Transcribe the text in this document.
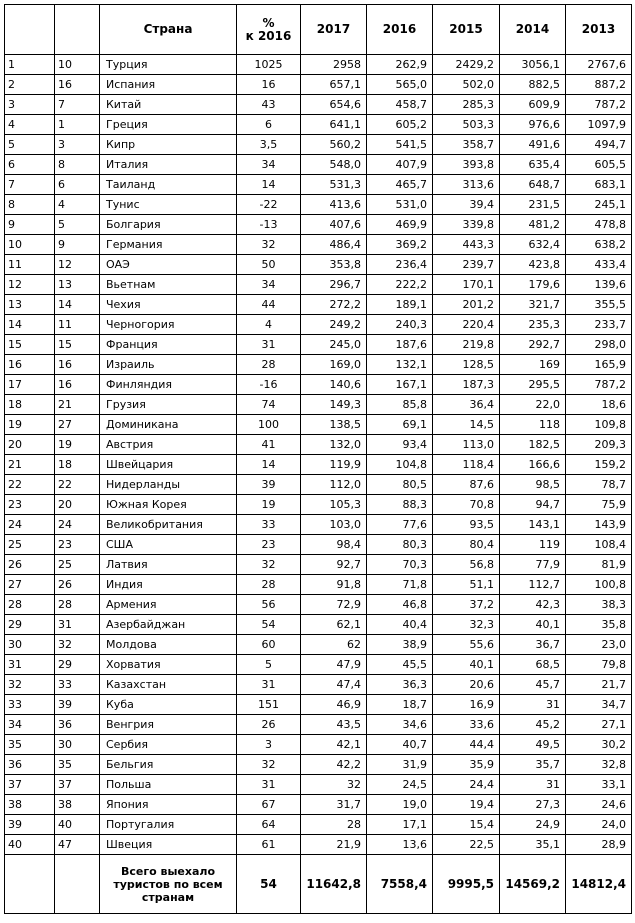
		Страна	%
к 2016	2017	2016	2015	2014	2013
1	10	Турция	1025	2958	262,9	2429,2	3056,1	2767,6
2	16	Испания	16	657,1	565,0	502,0	882,5	887,2
3	7	Китай	43	654,6	458,7	285,3	609,9	787,2
4	1	Греция	6	641,1	605,2	503,3	976,6	1097,9
5	3	Кипр	3,5	560,2	541,5	358,7	491,6	494,7
6	8	Италия	34	548,0	407,9	393,8	635,4	605,5
7	6	Таиланд	14	531,3	465,7	313,6	648,7	683,1
8	4	Тунис	-22	413,6	531,0	39,4	231,5	245,1
9	5	Болгария	-13	407,6	469,9	339,8	481,2	478,8
10	9	Германия	32	486,4	369,2	443,3	632,4	638,2
11	12	ОАЭ	50	353,8	236,4	239,7	423,8	433,4
12	13	Вьетнам	34	296,7	222,2	170,1	179,6	139,6
13	14	Чехия	44	272,2	189,1	201,2	321,7	355,5
14	11	Черногория	4	249,2	240,3	220,4	235,3	233,7
15	15	Франция	31	245,0	187,6	219,8	292,7	298,0
16	16	Израиль	28	169,0	132,1	128,5	169	165,9
17	16	Финляндия	-16	140,6	167,1	187,3	295,5	787,2
18	21	Грузия	74	149,3	85,8	36,4	22,0	18,6
19	27	Доминикана	100	138,5	69,1	14,5	118	109,8
20	19	Австрия	41	132,0	93,4	113,0	182,5	209,3
21	18	Швейцария	14	119,9	104,8	118,4	166,6	159,2
22	22	Нидерланды	39	112,0	80,5	87,6	98,5	78,7
23	20	Южная Корея	19	105,3	88,3	70,8	94,7	75,9
24	24	Великобритания	33	103,0	77,6	93,5	143,1	143,9
25	23	США	23	98,4	80,3	80,4	119	108,4
26	25	Латвия	32	92,7	70,3	56,8	77,9	81,9
27	26	Индия	28	91,8	71,8	51,1	112,7	100,8
28	28	Армения	56	72,9	46,8	37,2	42,3	38,3
29	31	Азербайджан	54	62,1	40,4	32,3	40,1	35,8
30	32	Молдова	60	62	38,9	55,6	36,7	23,0
31	29	Хорватия	5	47,9	45,5	40,1	68,5	79,8
32	33	Казахстан	31	47,4	36,3	20,6	45,7	21,7
33	39	Куба	151	46,9	18,7	16,9	31	34,7
34	36	Венгрия	26	43,5	34,6	33,6	45,2	27,1
35	30	Сербия	3	42,1	40,7	44,4	49,5	30,2
36	35	Бельгия	32	42,2	31,9	35,9	35,7	32,8
37	37	Польша	31	32	24,5	24,4	31	33,1
38	38	Япония	67	31,7	19,0	19,4	27,3	24,6
39	40	Португалия	64	28	17,1	15,4	24,9	24,0
40	47	Швеция	61	21,9	13,6	22,5	35,1	28,9
		Всего выехало туристов по всем странам	54	11642,8	7558,4	9995,5	14569,2	14812,4
